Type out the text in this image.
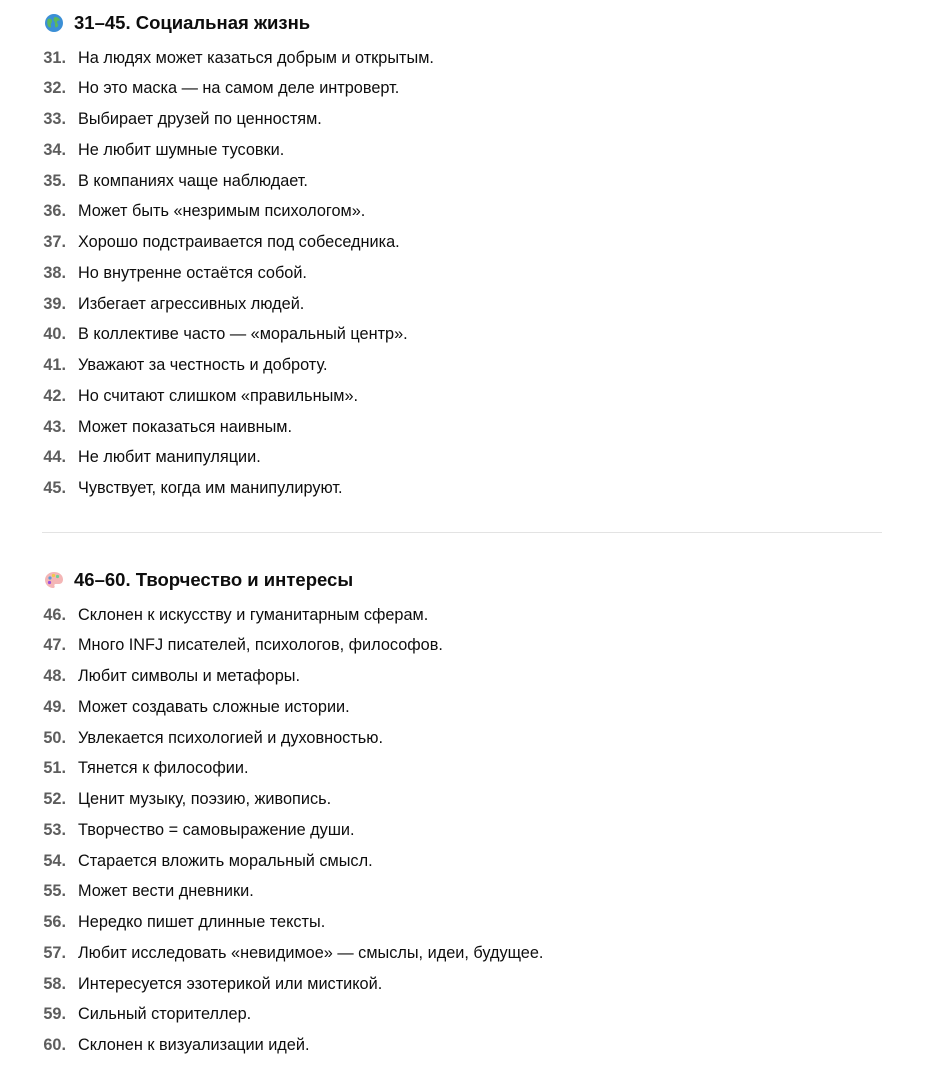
31–45. Социальная жизнь
31. На людях может казаться добрым и открытым.
32. Но это маска — на самом деле интроверт.
33. Выбирает друзей по ценностям.
34. Не любит шумные тусовки.
35. В компаниях чаще наблюдает.
36. Может быть «незримым психологом».
37. Хорошо подстраивается под собеседника.
38. Но внутренне остаётся собой.
39. Избегает агрессивных людей.
40. В коллективе часто — «моральный центр».
41. Уважают за честность и доброту.
42. Но считают слишком «правильным».
43. Может показаться наивным.
44. Не любит манипуляции.
45. Чувствует, когда им манипулируют.
46–60. Творчество и интересы
46. Склонен к искусству и гуманитарным сферам.
47. Много INFJ писателей, психологов, философов.
48. Любит символы и метафоры.
49. Может создавать сложные истории.
50. Увлекается психологией и духовностью.
51. Тянется к философии.
52. Ценит музыку, поэзию, живопись.
53. Творчество = самовыражение души.
54. Старается вложить моральный смысл.
55. Может вести дневники.
56. Нередко пишет длинные тексты.
57. Любит исследовать «невидимое» — смыслы, идеи, будущее.
58. Интересуется эзотерикой или мистикой.
59. Сильный сторителлер.
60. Склонен к визуализации идей.
